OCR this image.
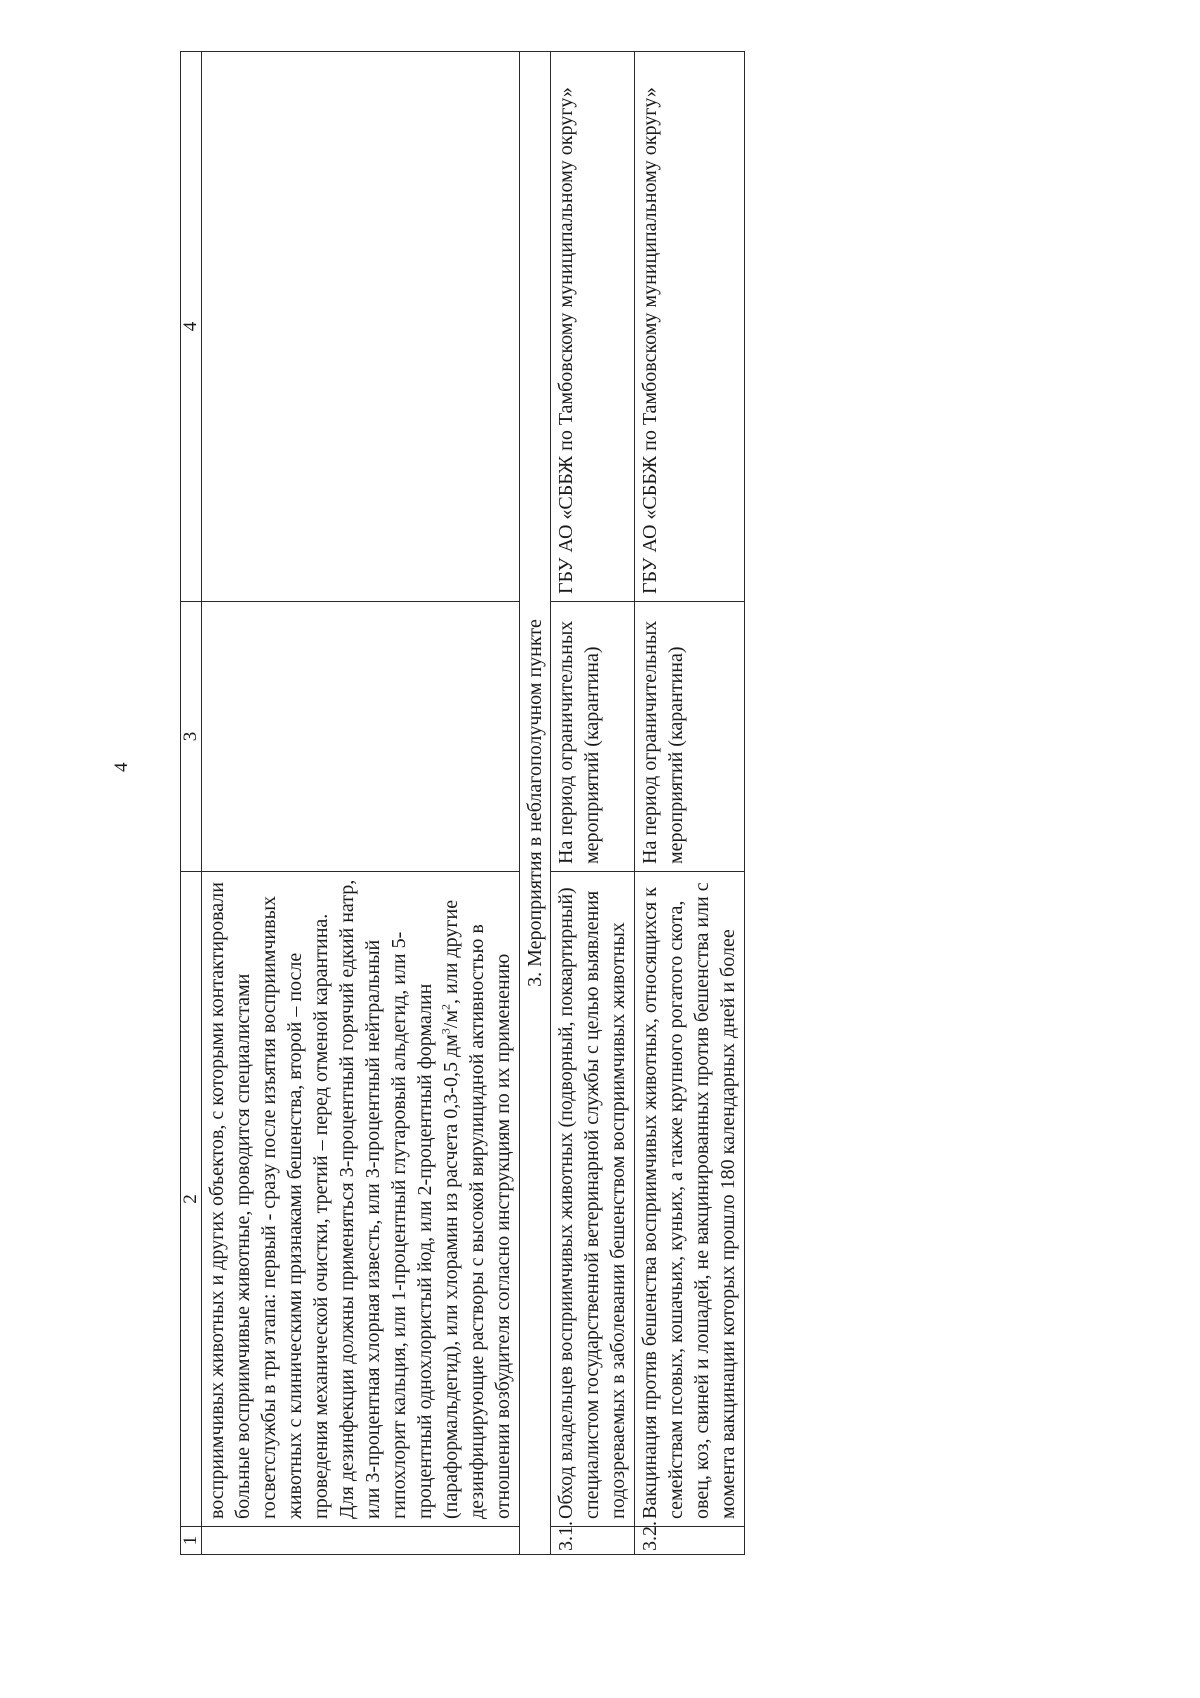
4
1	2	3	4

	восприимчивых животных и других объектов, с которыми контактировали больные восприимчивые животные, проводится специалистами госветслужбы в три этапа: первый - сразу после изъятия восприимчивых животных с клиническими признаками бешенства, второй – после проведения механической очистки, третий – перед отменой карантина. Для дезинфекции должны применяться 3-процентный горячий едкий натр, или 3-процентная хлорная известь, или 3-процентный нейтральный гипохлорит кальция, или 1-процентный глутаровый альдегид, или 5-процентный однохлористый йод, или 2-процентный формалин (параформальдегид), или хлорамин из расчета 0,3-0,5 $дм^3/м^2$, или другие дезинфицирующие растворы с высокой вирулицидной активностью в отношении возбудителя согласно инструкциям по их применению		

3. Мероприятия в неблагополучном пункте			
3.1.	Обход владельцев восприимчивых животных (подворный, поквартирный) специалистом государственной ветеринарной службы с целью выявления подозреваемых в заболевании бешенством восприимчивых животных	На период ограничительных мероприятий (карантина)	ГБУ АО «СББЖ по Тамбовскому муниципальному округу»
3.2.	Вакцинация против бешенства восприимчивых животных, относящихся к семействам псовых, кошачьих, куньих, а также крупного рогатого скота, овец, коз, свиней и лошадей, не вакцинированных против бешенства или с момента вакцинации которых прошло 180 календарных дней и более	На период ограничительных мероприятий (карантина)	ГБУ АО «СББЖ по Тамбовскому муниципальному округу»
